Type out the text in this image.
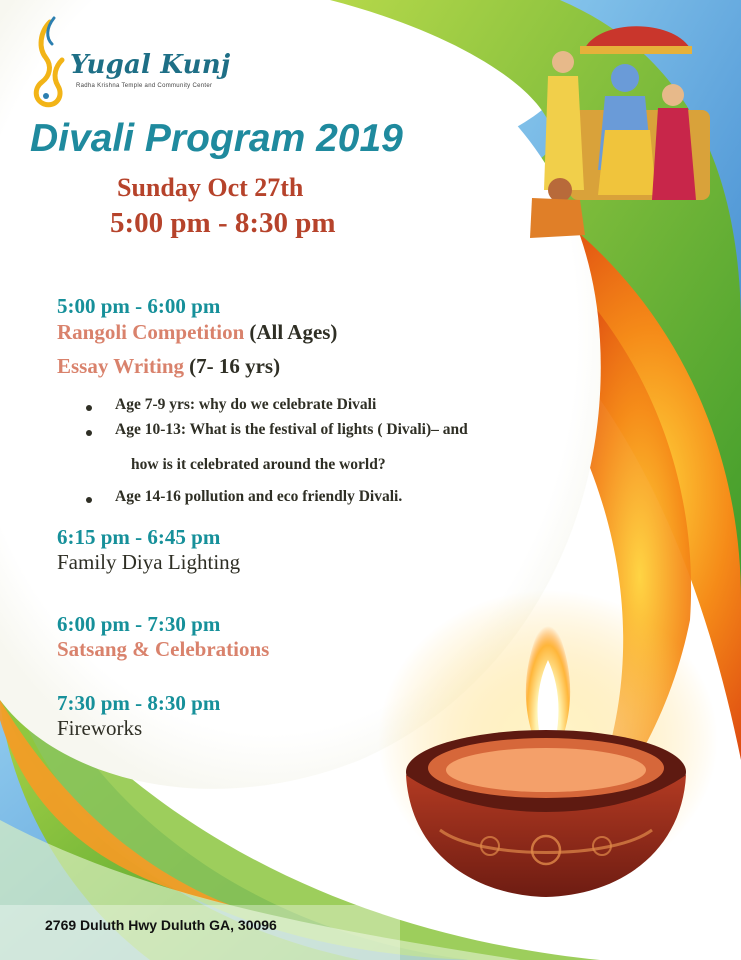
Yugal Kunj
Radha Krishna Temple and Community Center
Divali Program 2019
Sunday Oct 27th
5:00 pm - 8:30 pm
5:00 pm - 6:00 pm
Rangoli Competition (All Ages)
Essay Writing (7- 16 yrs)
Age 7-9 yrs: why do we celebrate Divali
Age 10-13: What is the festival of lights ( Divali)– and
how is it celebrated around the world?
Age 14-16 pollution and eco friendly Divali.
6:15 pm - 6:45 pm
Family Diya Lighting
6:00 pm - 7:30 pm
Satsang & Celebrations
7:30 pm - 8:30 pm
Fireworks
2769 Duluth Hwy Duluth GA, 30096
